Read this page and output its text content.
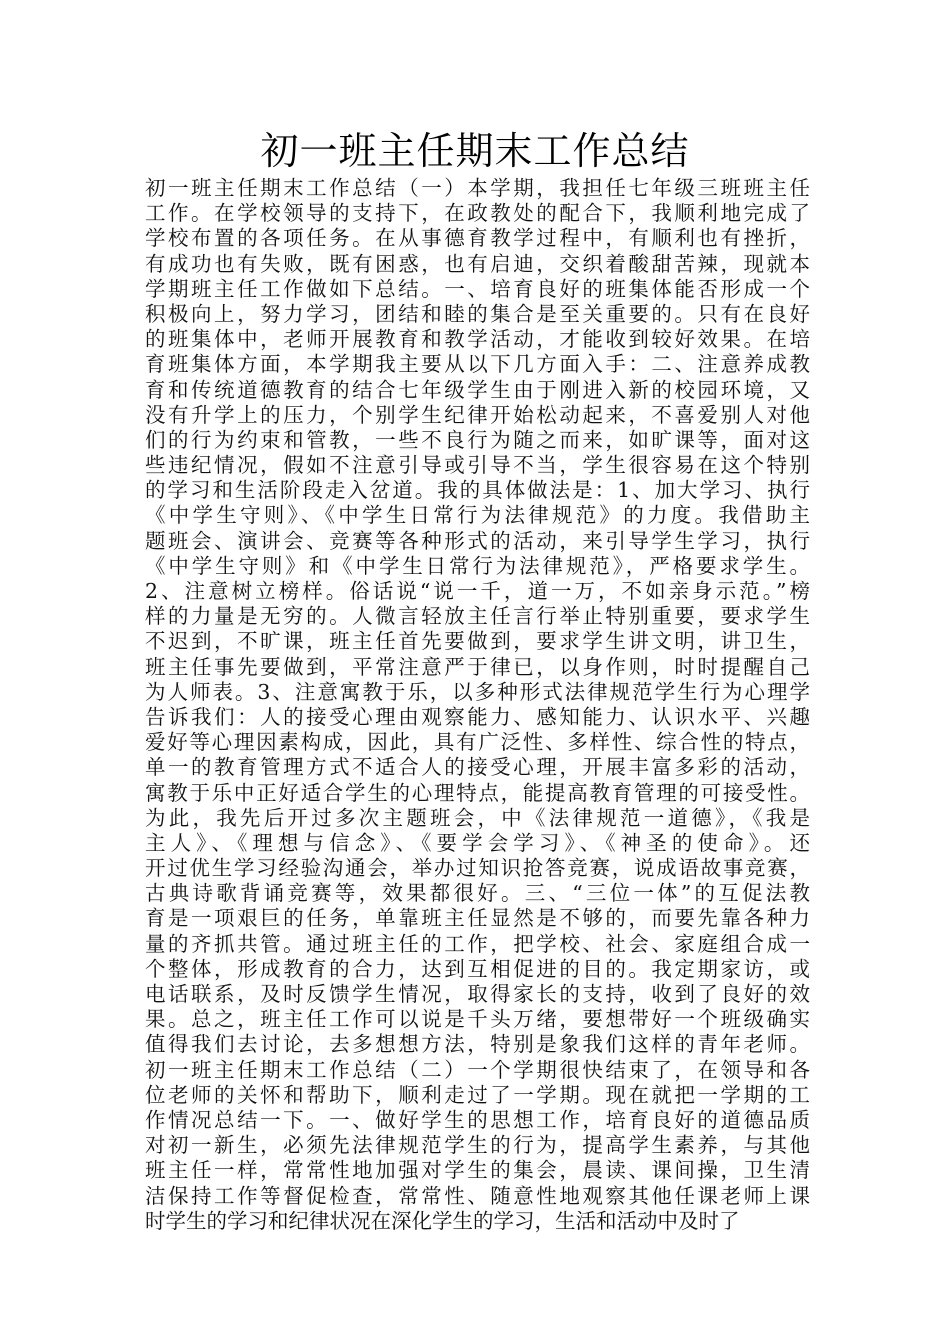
初一班主任期末工作总结
初一班主任期末工作总结（一）本学期，我担任七年级三班班主任
工作。在学校领导的支持下，在政教处的配合下，我顺利地完成了
学校布置的各项任务。在从事德育教学过程中，有顺利也有挫折，
有成功也有失败，既有困惑，也有启迪，交织着酸甜苦辣，现就本
学期班主任工作做如下总结。一、培育良好的班集体能否形成一个
积极向上，努力学习，团结和睦的集合是至关重要的。只有在良好
的班集体中，老师开展教育和教学活动，才能收到较好效果。在培
育班集体方面，本学期我主要从以下几方面入手：二、注意养成教
育和传统道德教育的结合七年级学生由于刚进入新的校园环境，又
没有升学上的压力，个别学生纪律开始松动起来，不喜爱别人对他
们的行为约束和管教，一些不良行为随之而来，如旷课等，面对这
些违纪情况，假如不注意引导或引导不当，学生很容易在这个特别
的学习和生活阶段走入岔道。我的具体做法是：1、加大学习、执行
《中学生守则》、《中学生日常行为法律规范》的力度。我借助主
题班会、演讲会、竞赛等各种形式的活动，来引导学生学习，执行
《中学生守则》和《中学生日常行为法律规范》，严格要求学生。
2、注意树立榜样。俗话说“说一千，道一万，不如亲身示范。”榜
样的力量是无穷的。人微言轻放主任言行举止特别重要，要求学生
不迟到，不旷课，班主任首先要做到，要求学生讲文明，讲卫生，
班主任事先要做到，平常注意严于律已，以身作则，时时提醒自己
为人师表。3、注意寓教于乐，以多种形式法律规范学生行为心理学
告诉我们：人的接受心理由观察能力、感知能力、认识水平、兴趣
爱好等心理因素构成，因此，具有广泛性、多样性、综合性的特点，
单一的教育管理方式不适合人的接受心理，开展丰富多彩的活动，
寓教于乐中正好适合学生的心理特点，能提高教育管理的可接受性。
为此，我先后开过多次主题班会，中《法律规范一道德》，《我是
主人》、《理想与信念》、《要学会学习》、《神圣的使命》。还
开过优生学习经验沟通会，举办过知识抢答竞赛，说成语故事竞赛，
古典诗歌背诵竞赛等，效果都很好。三、“三位一体”的互促法教
育是一项艰巨的任务，单靠班主任显然是不够的，而要先靠各种力
量的齐抓共管。通过班主任的工作，把学校、社会、家庭组合成一
个整体，形成教育的合力，达到互相促进的目的。我定期家访，或
电话联系，及时反馈学生情况，取得家长的支持，收到了良好的效
果。总之，班主任工作可以说是千头万绪，要想带好一个班级确实
值得我们去讨论，去多想想方法，特别是象我们这样的青年老师。
初一班主任期末工作总结（二）一个学期很快结束了，在领导和各
位老师的关怀和帮助下，顺利走过了一学期。现在就把一学期的工
作情况总结一下。一、做好学生的思想工作，培育良好的道德品质
对初一新生，必须先法律规范学生的行为，提高学生素养，与其他
班主任一样，常常性地加强对学生的集会，晨读、课间操，卫生清
洁保持工作等督促检查，常常性、随意性地观察其他任课老师上课
时学生的学习和纪律状况在深化学生的学习，生活和活动中及时了
